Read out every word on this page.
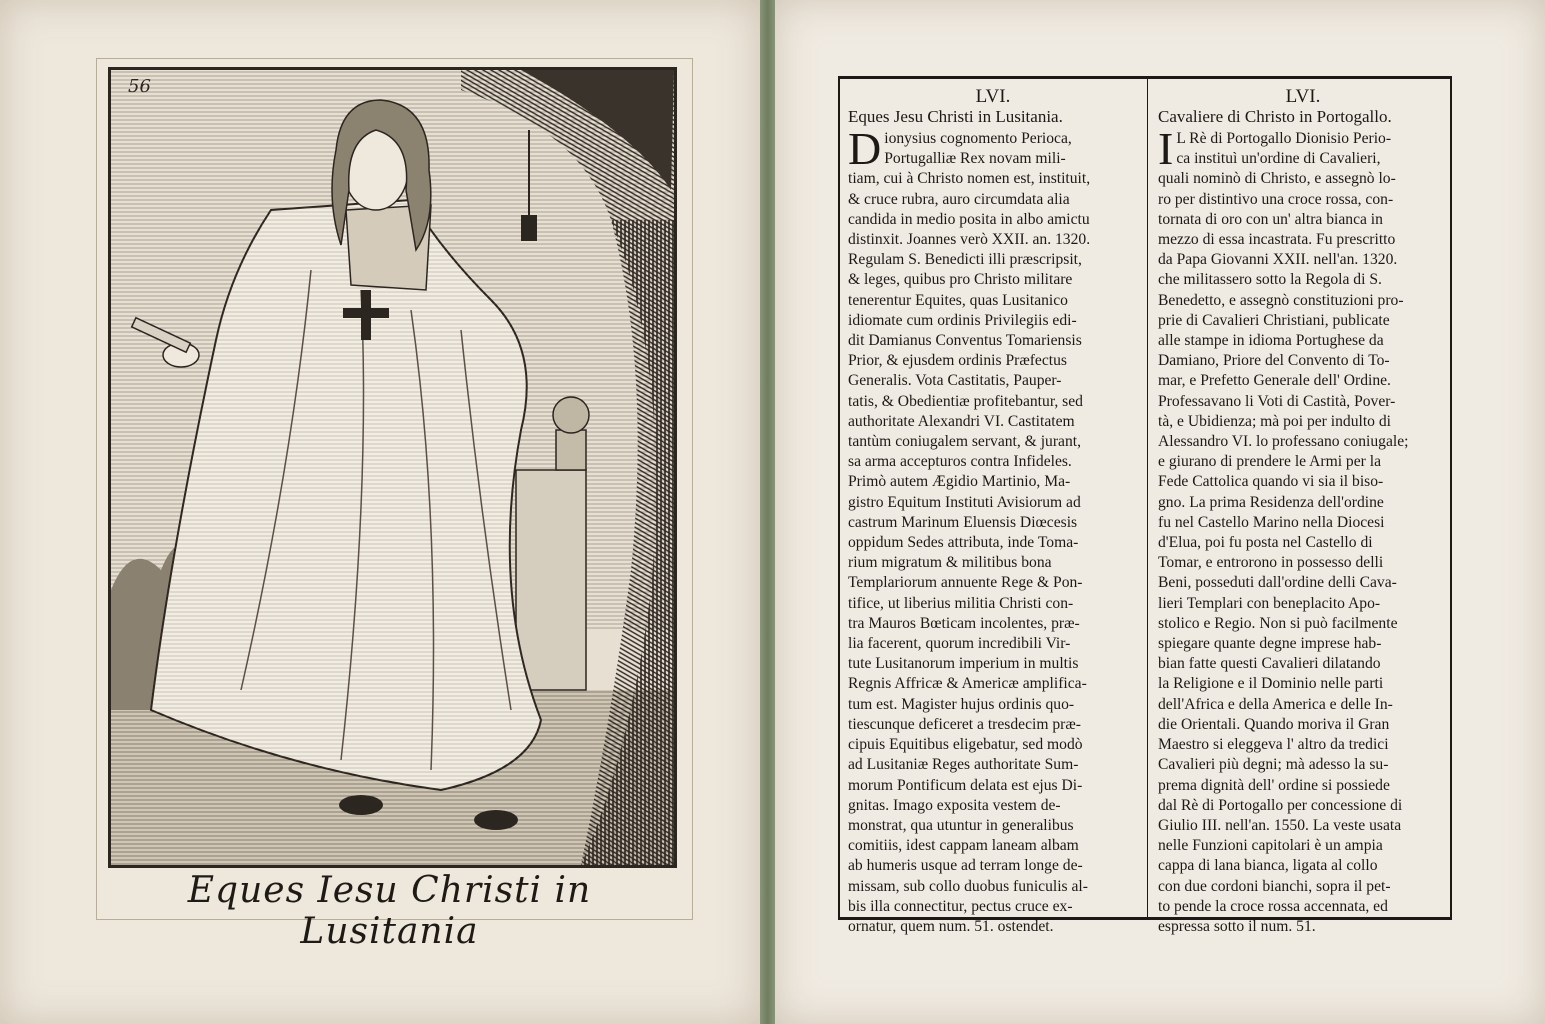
56
Eques Iesu Christi in Lusitania
LVI.
Eques Jesu Christi in Lusitania.
D ionysius cognomento Perioca,
Portugalliæ Rex novam mili-
tiam, cui à Christo nomen est, instituit,
& cruce rubra, auro circumdata alia
candida in medio posita in albo amictu
distinxit. Joannes verò XXII. an. 1320.
Regulam S. Benedicti illi præscripsit,
& leges, quibus pro Christo militare
tenerentur Equites, quas Lusitanico
idiomate cum ordinis Privilegiis edi-
dit Damianus Conventus Tomariensis
Prior, & ejusdem ordinis Præfectus
Generalis. Vota Castitatis, Pauper-
tatis, & Obedientiæ profitebantur, sed
authoritate Alexandri VI. Castitatem
tantùm coniugalem servant, & jurant,
sa arma accepturos contra Infideles.
Primò autem Ægidio Martinio, Ma-
gistro Equitum Instituti Avisiorum ad
castrum Marinum Eluensis Diœcesis
oppidum Sedes attributa, inde Toma-
rium migratum & militibus bona
Templariorum annuente Rege & Pon-
tifice, ut liberius militia Christi con-
tra Mauros Bœticam incolentes, præ-
lia facerent, quorum incredibili Vir-
tute Lusitanorum imperium in multis
Regnis Affricæ & Americæ amplifica-
tum est. Magister hujus ordinis quo-
tiescunque deficeret a tresdecim præ-
cipuis Equitibus eligebatur, sed modò
ad Lusitaniæ Reges authoritate Sum-
morum Pontificum delata est ejus Di-
gnitas. Imago exposita vestem de-
monstrat, qua utuntur in generalibus
comitiis, idest cappam laneam albam
ab humeris usque ad terram longe de-
missam, sub collo duobus funiculis al-
bis illa connectitur, pectus cruce ex-
ornatur, quem num. 51. ostendet.
LVI.
Cavaliere di Christo in Portogallo.
I L Rè di Portogallo Dionisio Perio-
ca instituì un'ordine di Cavalieri,
quali nominò di Christo, e assegnò lo-
ro per distintivo una croce rossa, con-
tornata di oro con un' altra bianca in
mezzo di essa incastrata. Fu prescritto
da Papa Giovanni XXII. nell'an. 1320.
che militassero sotto la Regola di S.
Benedetto, e assegnò constituzioni pro-
prie di Cavalieri Christiani, publicate
alle stampe in idioma Portughese da
Damiano, Priore del Convento di To-
mar, e Prefetto Generale dell' Ordine.
Professavano li Voti di Castità, Pover-
tà, e Ubidienza; mà poi per indulto di
Alessandro VI. lo professano coniugale;
e giurano di prendere le Armi per la
Fede Cattolica quando vi sia il biso-
gno. La prima Residenza dell'ordine
fu nel Castello Marino nella Diocesi
d'Elua, poi fu posta nel Castello di
Tomar, e entrorono in possesso delli
Beni, posseduti dall'ordine delli Cava-
lieri Templari con beneplacito Apo-
stolico e Regio. Non si può facilmente
spiegare quante degne imprese hab-
bian fatte questi Cavalieri dilatando
la Religione e il Dominio nelle parti
dell'Africa e della America e delle In-
die Orientali. Quando moriva il Gran
Maestro si eleggeva l' altro da tredici
Cavalieri più degni; mà adesso la su-
prema dignità dell' ordine si possiede
dal Rè di Portogallo per concessione di
Giulio III. nell'an. 1550. La veste usata
nelle Funzioni capitolari è un ampia
cappa di lana bianca, ligata al collo
con due cordoni bianchi, sopra il pet-
to pende la croce rossa accennata, ed
espressa sotto il num. 51.
